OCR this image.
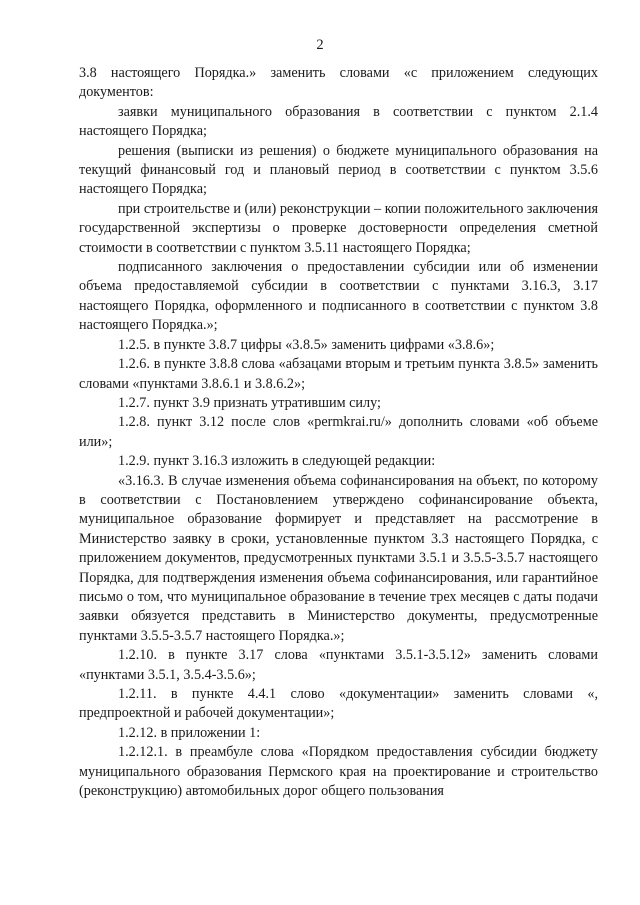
2

3.8 настоящего Порядка.» заменить словами «с приложением следующих документов:

заявки муниципального образования в соответствии с пунктом 2.1.4 настоящего Порядка;

решения (выписки из решения) о бюджете муниципального образования на текущий финансовый год и плановый период в соответствии с пунктом 3.5.6 настоящего Порядка;

при строительстве и (или) реконструкции – копии положительного заключения государственной экспертизы о проверке достоверности определения сметной стоимости в соответствии с пунктом 3.5.11 настоящего Порядка;

подписанного заключения о предоставлении субсидии или об изменении объема предоставляемой субсидии в соответствии с пунктами 3.16.3, 3.17 настоящего Порядка, оформленного и подписанного в соответствии с пунктом 3.8 настоящего Порядка.»;

1.2.5. в пункте 3.8.7 цифры «3.8.5» заменить цифрами «3.8.6»;

1.2.6. в пункте 3.8.8 слова «абзацами вторым и третьим пункта 3.8.5» заменить словами «пунктами 3.8.6.1 и 3.8.6.2»;

1.2.7. пункт 3.9 признать утратившим силу;

1.2.8. пункт 3.12 после слов «permkrai.ru/» дополнить словами «об объеме или»;

1.2.9. пункт 3.16.3 изложить в следующей редакции:

«3.16.3. В случае изменения объема софинансирования на объект, по которому в соответствии с Постановлением утверждено софинансирование объекта, муниципальное образование формирует и представляет на рассмотрение в Министерство заявку в сроки, установленные пунктом 3.3 настоящего Порядка, с приложением документов, предусмотренных пунктами 3.5.1 и 3.5.5-3.5.7 настоящего Порядка, для подтверждения изменения объема софинансирования, или гарантийное письмо о том, что муниципальное образование в течение трех месяцев с даты подачи заявки обязуется представить в Министерство документы, предусмотренные пунктами 3.5.5-3.5.7 настоящего Порядка.»;

1.2.10. в пункте 3.17 слова «пунктами 3.5.1-3.5.12» заменить словами «пунктами 3.5.1, 3.5.4-3.5.6»;

1.2.11. в пункте 4.4.1 слово «документации» заменить словами «, предпроектной и рабочей документации»;

1.2.12. в приложении 1:

1.2.12.1. в преамбуле слова «Порядком предоставления субсидии бюджету муниципального образования Пермского края на проектирование и строительство (реконструкцию) автомобильных дорог общего пользования
